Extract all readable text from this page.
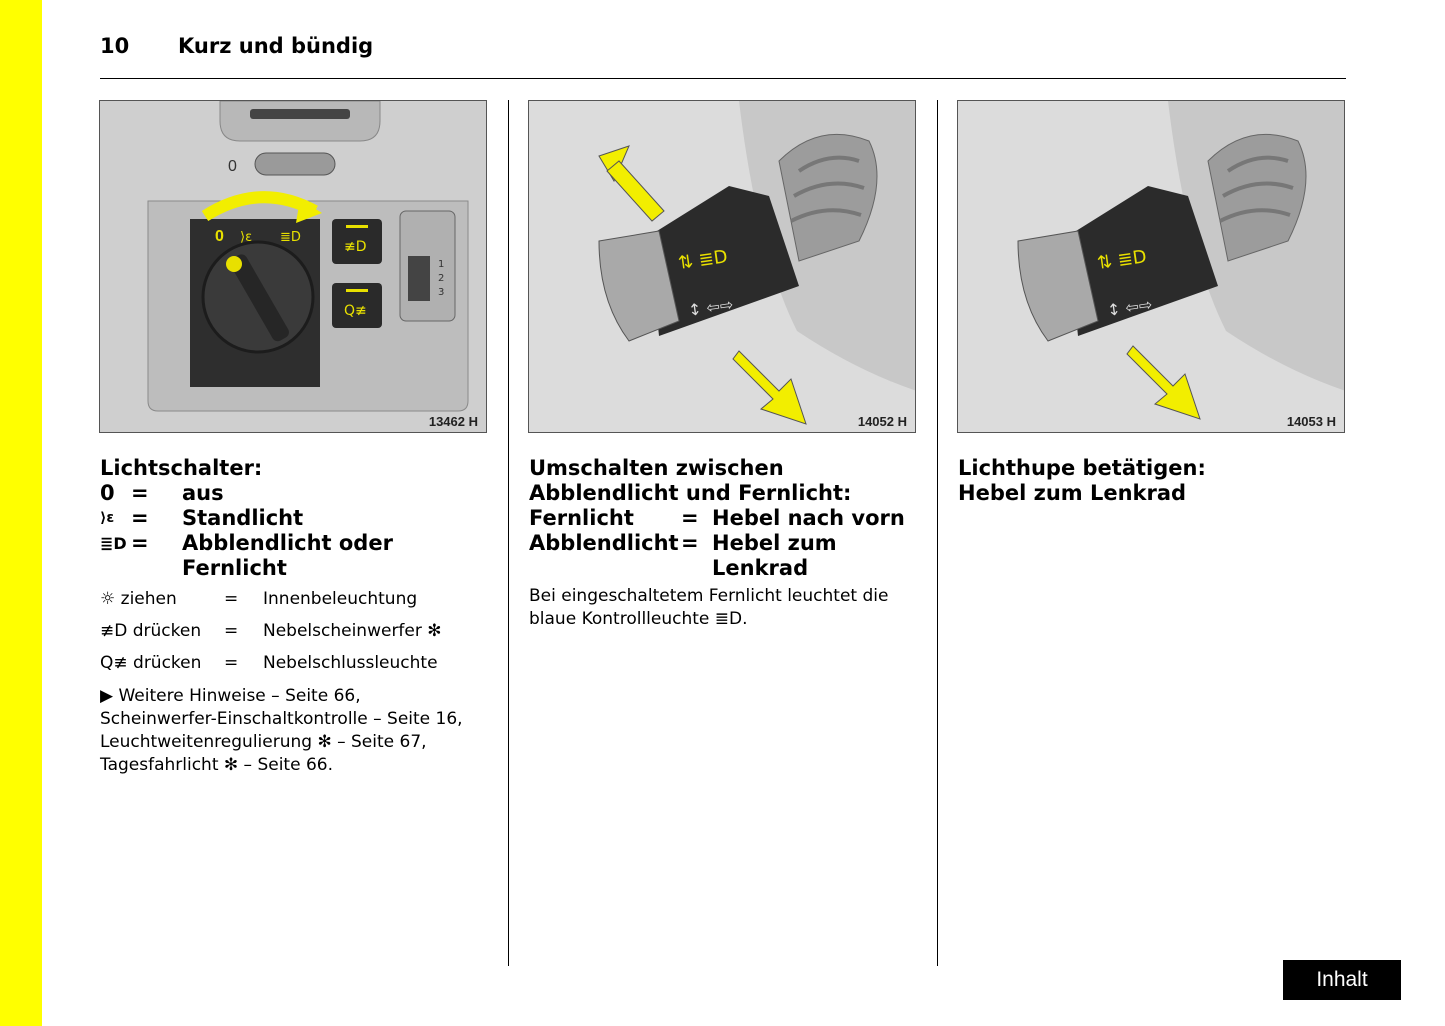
10 Kurz und bündig
0
0 ⟩ε ≣D
≢D
Q≢
1
2
3
13462 H
⇅ ≣D
↕ ⇦⇨
14052 H
⇅ ≣D
↕ ⇦⇨
14053 H
Lichtschalter:
0 =	aus
⟩ε =	Standlicht
≣D =	Abblendlicht oder
Fernlicht
☼ ziehen	=	Innenbeleuchtung
≢D drücken	=	Nebelscheinwerfer ✻
Q≢ drücken	=	Nebelschlussleuchte
▶ Weitere Hinweise – Seite 66,
Scheinwerfer-Einschaltkontrolle – Seite 16,
Leuchtweitenregulierung ✻ – Seite 67,
Tagesfahrlicht ✻ – Seite 66.
Umschalten zwischen
Abblendlicht und Fernlicht:
Fernlicht	= Hebel nach vorn
Abblendlicht = Hebel zum
Lenkrad
Bei eingeschaltetem Fernlicht leuchtet die
blaue Kontrollleuchte ≣D.
Lichthupe betätigen:
Hebel zum Lenkrad
Inhalt
